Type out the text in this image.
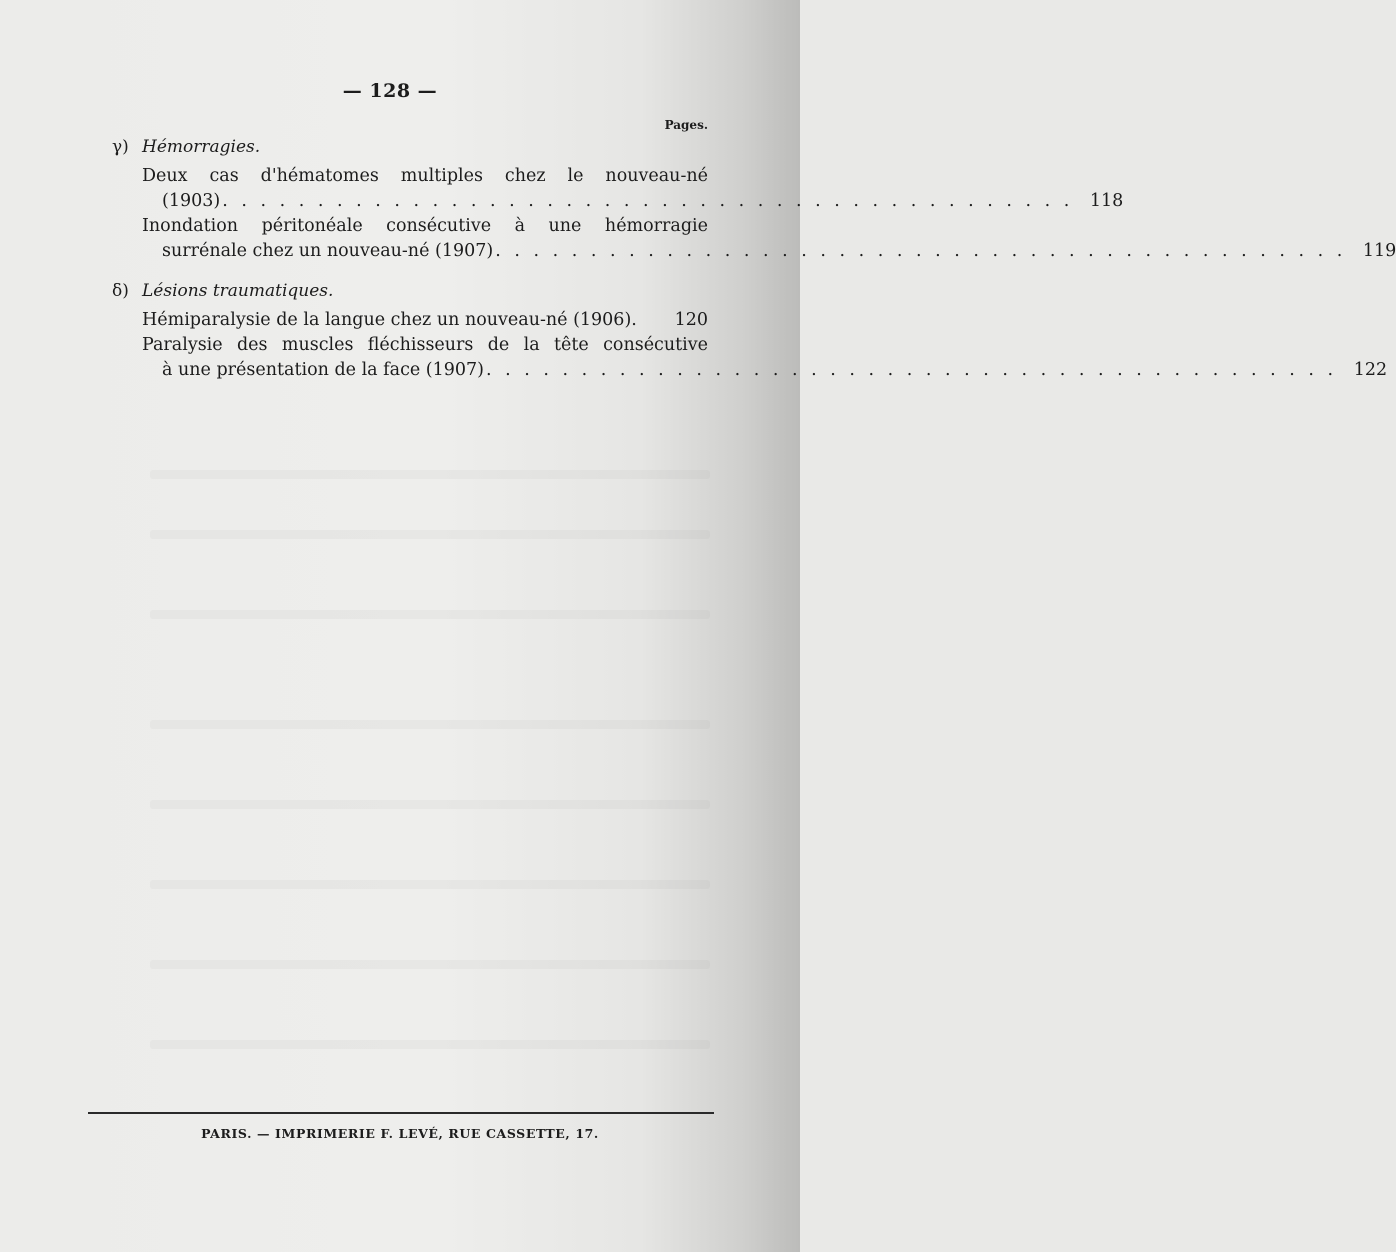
— 128 —
Pages.
γ) Hémorragies.
Deux cas d'hématomes multiples chez le nouveau-né
(1903) . . . . . . . . . . . . . . . . . . . . . . . . . . . . . . . . . . . . . . . . . . . . . 118
Inondation péritonéale consécutive à une hémorragie
surrénale chez un nouveau-né (1907) . . . . . . . . . . . . . . . . . . . . . . . . . . . . . . . . . . . . . . . . . . . . . 119
δ) Lésions traumatiques.
Hémiparalysie de la langue chez un nouveau-né (1906).	120
Paralysie des muscles fléchisseurs de la tête consécutive
à une présentation de la face (1907) . . . . . . . . . . . . . . . . . . . . . . . . . . . . . . . . . . . . . . . . . . . . . 122
PARIS. — IMPRIMERIE F. LEVÉ, RUE CASSETTE, 17.
